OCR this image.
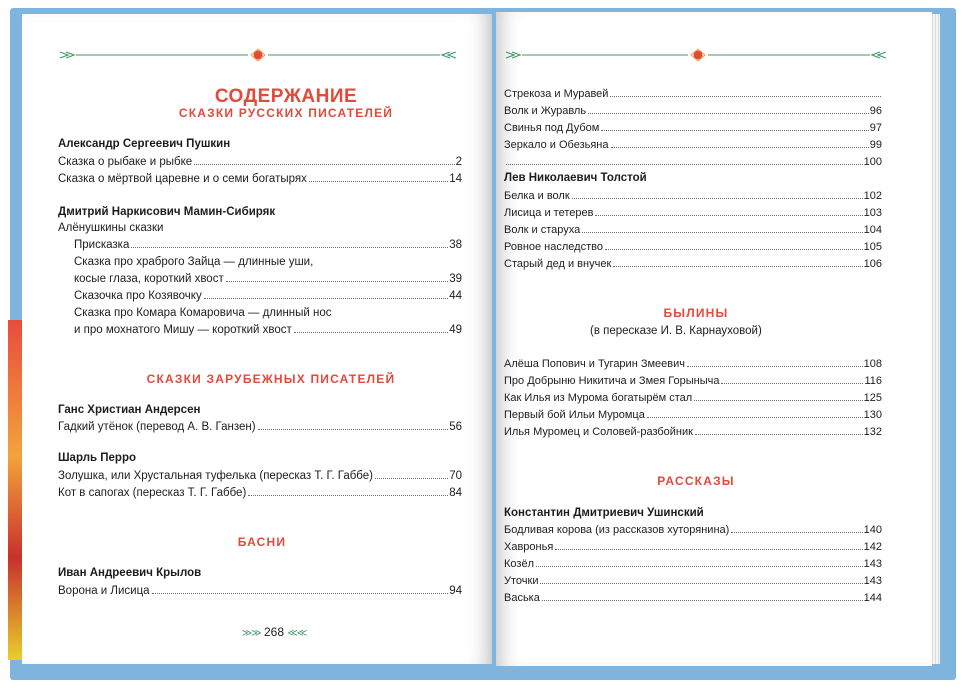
СОДЕРЖАНИЕ
СКАЗКИ РУССКИХ ПИСАТЕЛЕЙ
Александр Сергеевич Пушкин
Сказка о рыбаке и рыбке	2
Сказка о мёртвой царевне и о семи богатырях	14
Дмитрий Наркисович Мамин-Сибиряк
Алёнушкины сказки
Присказка	38
Сказка про храброго Зайца — длинные уши,
косые глаза, короткий хвост	39
Сказочка про Козявочку	44
Сказка про Комара Комаровича — длинный нос
и про мохнатого Мишу — короткий хвост	49
СКАЗКИ ЗАРУБЕЖНЫХ ПИСАТЕЛЕЙ
Ганс Христиан Андерсен
Гадкий утёнок (перевод А. В. Ганзен)	56
Шарль Перро
Золушка, или Хрустальная туфелька (пересказ Т. Г. Габбе)	70
Кот в сапогах (пересказ Т. Г. Габбе)	84
БАСНИ
Иван Андреевич Крылов
Ворона и Лисица	94
≫≫ 268 ≪≪
Стрекоза и Муравей
Волк и Журавль	96
Свинья под Дубом	97
Зеркало и Обезьяна	99
100
Лев Николаевич Толстой
Белка и волк	102
Лисица и тетерев	103
Волк и старуха	104
Ровное наследство	105
Старый дед и внучек	106
БЫЛИНЫ
(в пересказе И. В. Карнауховой)
Алёша Попович и Тугарин Змеевич	108
Про Добрыню Никитича и Змея Горыныча	116
Как Илья из Мурома богатырём стал	125
Первый бой Ильи Муромца	130
Илья Муромец и Соловей-разбойник	132
РАССКАЗЫ
Константин Дмитриевич Ушинский
Бодливая корова (из рассказов хуторянина)	140
Хавронья	142
Козёл	143
Уточки	143
Васька	144
